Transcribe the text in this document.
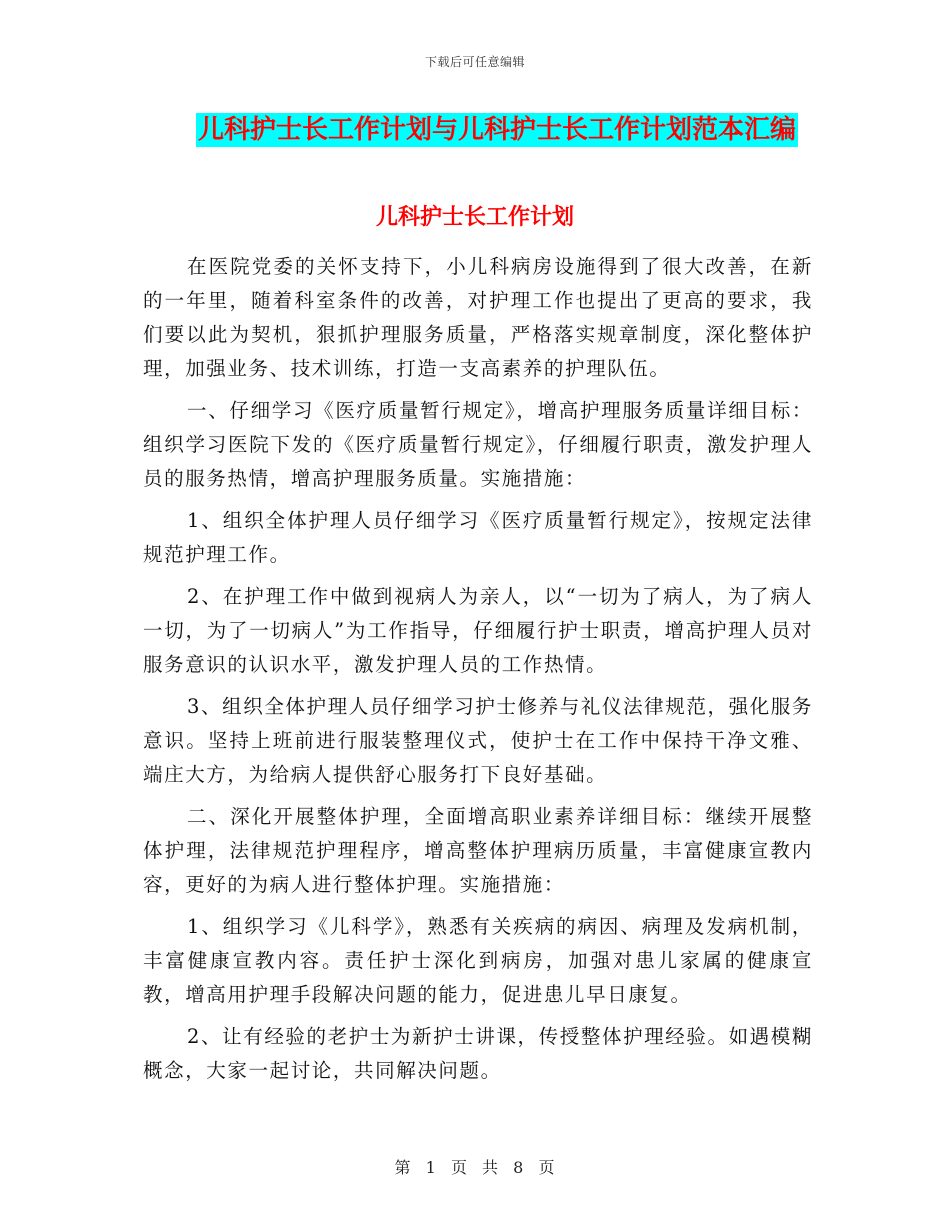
下载后可任意编辑
儿科护士长工作计划与儿科护士长工作计划范本汇编
儿科护士长工作计划

在医院党委的关怀支持下，小儿科病房设施得到了很大改善，在新的一年里，随着科室条件的改善，对护理工作也提出了更高的要求，我们要以此为契机，狠抓护理服务质量，严格落实规章制度，深化整体护理，加强业务、技术训练，打造一支高素养的护理队伍。

一、仔细学习《医疗质量暂行规定》，增高护理服务质量详细目标：组织学习医院下发的《医疗质量暂行规定》，仔细履行职责，激发护理人员的服务热情，增高护理服务质量。实施措施：

1、组织全体护理人员仔细学习《医疗质量暂行规定》，按规定法律规范护理工作。

2、在护理工作中做到视病人为亲人，以“一切为了病人，为了病人一切，为了一切病人”为工作指导，仔细履行护士职责，增高护理人员对服务意识的认识水平，激发护理人员的工作热情。

3、组织全体护理人员仔细学习护士修养与礼仪法律规范，强化服务意识。坚持上班前进行服装整理仪式，使护士在工作中保持干净文雅、端庄大方，为给病人提供舒心服务打下良好基础。

二、深化开展整体护理，全面增高职业素养详细目标：继续开展整体护理，法律规范护理程序，增高整体护理病历质量，丰富健康宣教内容，更好的为病人进行整体护理。实施措施：

1、组织学习《儿科学》，熟悉有关疾病的病因、病理及发病机制，丰富健康宣教内容。责任护士深化到病房，加强对患儿家属的健康宣教，增高用护理手段解决问题的能力，促进患儿早日康复。

2、让有经验的老护士为新护士讲课，传授整体护理经验。如遇模糊概念，大家一起讨论，共同解决问题。

第 1 页 共 8 页
